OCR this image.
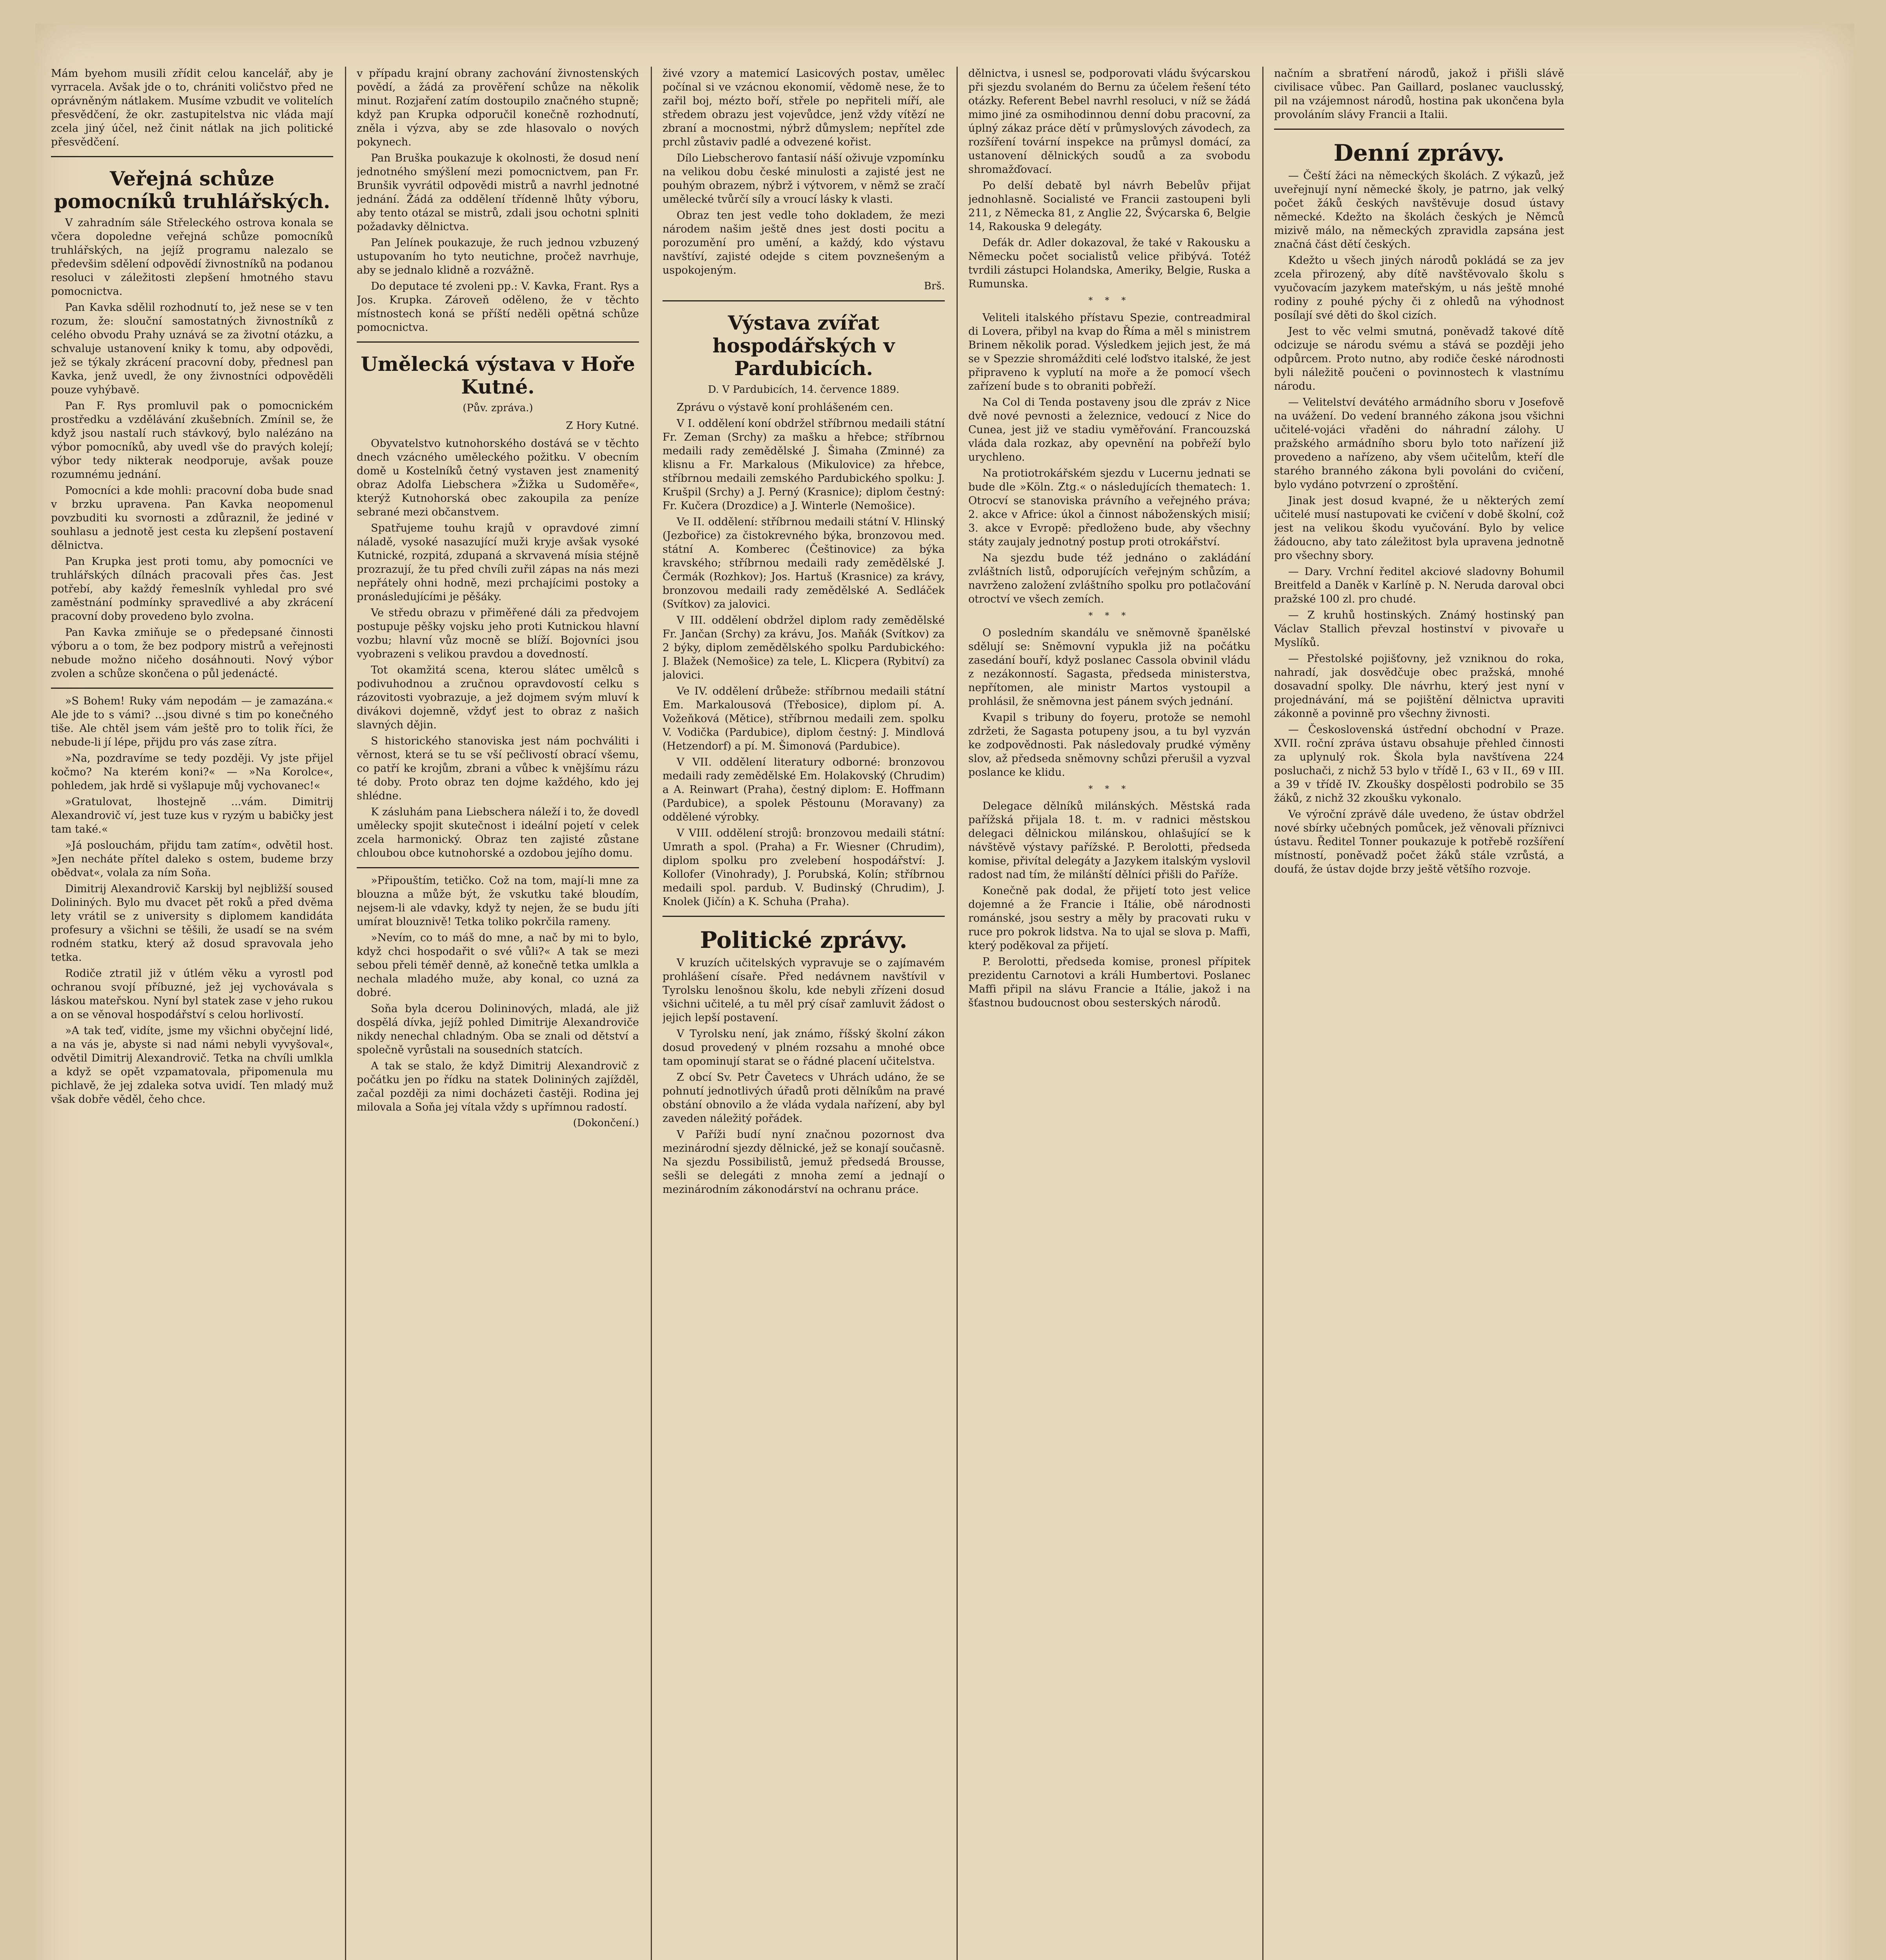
Mám byehom musili zřídit celou kancelář, aby je vyrracela. Avšak jde o to, chrániti voličstvo před ne oprávněným nátlakem. Musíme vzbudit ve volitelích přesvědčení, že okr. zastupitelstva nic vláda mají zcela jiný účel, než činit nátlak na jich politické přesvědčení.

Veřejná schůze pomocníků truhlářských.

V zahradním sále Střeleckého ostrova konala se včera dopoledne veřejná schůze pomocníků truhlářských, na jejíž programu nalezalo se předevšim sdělení odpovědí živnostníků na podanou resoluci v záležitosti zlepšení hmotného stavu pomocnictva.

Pan Kavka sdělil rozhodnutí to, jež nese se v ten rozum, že: slouční samostatných živnostníků z celého obvodu Prahy uznává se za životní otázku, a schvaluje ustanovení kniky k tomu, aby odpovědi, jež se týkaly zkrácení pracovní doby, přednesl pan Kavka, jenž uvedl, že ony živnostníci odpověděli pouze vyhýbavě.

Pan F. Rys promluvil pak o pomocnickém prostředku a vzdělávání zkušebních. Zmínil se, že když jsou nastalí ruch stávkový, bylo nalézáno na výbor pomocníků, aby uvedl vše do pravých kolejí; výbor tedy nikterak neodporuje, avšak pouze rozumnému jednání.

Pomocníci a kde mohli: pracovní doba bude snad v brzku upravena. Pan Kavka neopomenul povzbuditi ku svornosti a zdůraznil, že jediné v souhlasu a jednotě jest cesta ku zlepšení postavení dělnictva.

Pan Krupka jest proti tomu, aby pomocníci ve truhlářských dílnách pracovali přes čas. Jest potřebí, aby každý řemeslník vyhledal pro své zaměstnání podmínky spravedlivé a aby zkrácení pracovní doby provedeno bylo zvolna.

Pan Kavka zmiňuje se o předepsané činnosti výboru a o tom, že bez podpory mistrů a veřejnosti nebude možno ničeho dosáhnouti. Nový výbor zvolen a schůze skončena o půl jedenácté.

»S Bohem! Ruky vám nepodám — je zamazána.« Ale jde to s vámi? ...jsou divné s tim po konečného tiše. Ale chtěl jsem vám ještě pro to tolik říci, že nebude-li jí lépe, přijdu pro vás zase zítra.

»Na, pozdravíme se tedy později. Vy jste přijel kočmo? Na kterém koni?« — »Na Korolce«, pohledem, jak hrdě si vyšlapuje můj vychovanec!«

»Gratulovat, lhostejně ...vám. Dimitrij Alexandrovič ví, jest tuze kus v ryzým u babičky jest tam také.«

»Já poslouchám, přijdu tam zatím«, odvětil host. »Jen necháte přítel daleko s ostem, budeme brzy obědvat«, volala za ním Soňa.

Dimitrij Alexandrovič Karskij byl nejbližší soused Dolininých. Bylo mu dvacet pět roků a před dvěma lety vrátil se z university s diplomem kandidáta profesury a všichni se těšili, že usadí se na svém rodném statku, který až dosud spravovala jeho tetka.

Rodiče ztratil již v útlém věku a vyrostl pod ochranou svojí příbuzné, jež jej vychovávala s láskou mateřskou. Nyní byl statek zase v jeho rukou a on se věnoval hospodářství s celou horlivostí.

»A tak teď, vidíte, jsme my všichni obyčejní lidé, a na vás je, abyste si nad námi nebyli vyvyšoval«, odvětil Dimitrij Alexandrovič. Tetka na chvíli umlkla a když se opět vzpamatovala, připomenula mu pichlavě, že jej zdaleka sotva uvidí. Ten mladý muž však dobře věděl, čeho chce.

v případu krajní obrany zachování živnostenských povědí, a žádá za prověření schůze na několik minut. Rozjaření zatím dostoupilo značného stupně; když pan Krupka odporučil konečně rozhodnutí, zněla i výzva, aby se zde hlasovalo o nových pokynech.

Pan Bruška poukazuje k okolnosti, že dosud není jednotného smýšlení mezi pomocnictvem, pan Fr. Brunšik vyvrátil odpovědi mistrů a navrhl jednotné jednání. Žádá za oddělení třídenně lhůty výboru, aby tento otázal se mistrů, zdali jsou ochotni splniti požadavky dělnictva.

Pan Jelínek poukazuje, že ruch jednou vzbuzený ustupovaním ho tyto neutichne, pročež navrhuje, aby se jednalo klidně a rozvážně.

Do deputace té zvoleni pp.: V. Kavka, Frant. Rys a Jos. Krupka. Zároveň oděleno, že v těchto místnostech koná se příští neděli opětná schůze pomocnictva.

Umělecká výstava v Hoře Kutné.
(Pův. zpráva.)
Z Hory Kutné.

Obyvatelstvo kutnohorského dostává se v těchto dnech vzácného uměleckého požitku. V obecním domě u Kostelníků četný vystaven jest znamenitý obraz Adolfa Liebschera »Žižka u Sudoměře«, kterýž Kutnohorská obec zakoupila za peníze sebrané mezi občanstvem.

Spatřujeme touhu krajů v opravdové zimní náladě, vysoké nasazující muži kryje avšak vysoké Kutnické, rozpitá, zdupaná a skrvavená mísia stéjně prozrazují, že tu před chvíli zuřil zápas na nás mezi nepřátely ohni hodně, mezi prchajícimi postoky a pronásledujícími je pěšáky.

Ve středu obrazu v přiměřené dáli za předvojem postupuje pěšky vojsku jeho proti Kutnickou hlavní vozbu; hlavní vůz mocně se blíží. Bojovníci jsou vyobrazeni s velikou pravdou a dovedností.

Tot okamžitá scena, kterou slátec umělců s podivuhodnou a zručnou opravdovostí celku s rázovitosti vyobrazuje, a jež dojmem svým mluví k divákovi dojemně, vždyť jest to obraz z našich slavných dějin.

S historického stanoviska jest nám pochváliti i věrnost, která se tu se vší pečlivostí obrací všemu, co patří ke krojům, zbrani a vůbec k vnějšímu rázu té doby. Proto obraz ten dojme každého, kdo jej shlédne.

K zásluhám pana Liebschera náleží i to, že dovedl umělecky spojit skutečnost i ideální pojetí v celek zcela harmonický. Obraz ten zajisté zůstane chloubou obce kutnohorské a ozdobou jejího domu.

»Připouštím, tetičko. Což na tom, mají-li mne za blouzna a může být, že vskutku také bloudím, nejsem-li ale vdavky, když ty nejen, že se budu jíti umírat blouznivě! Tetka toliko pokrčila rameny.

»Nevím, co to máš do mne, a nač by mi to bylo, když chci hospodařit o své vůli?« A tak se mezi sebou přeli téměř denně, až konečně tetka umlkla a nechala mladého muže, aby konal, co uzná za dobré.

Soňa byla dcerou Dolininových, mladá, ale již dospělá dívka, jejíž pohled Dimitrije Alexandroviče nikdy nenechal chladným. Oba se znali od dětství a společně vyrůstali na sousedních statcích.

A tak se stalo, že když Dimitrij Alexandrovič z počátku jen po řídku na statek Dolininých zajížděl, začal později za nimi docházeti častěji. Rodina jej milovala a Soňa jej vítala vždy s upřímnou radostí.

(Dokončení.)

živé vzory a matemicí Lasicových postav, umělec počínal si ve vzácnou ekonomií, vědomě nese, že to zařil boj, mézto boří, střele po nepřiteli míří, ale středem obrazu jest vojevůdce, jenž vždy vítězí ne zbraní a mocnostmi, nýbrž důmyslem; nepřítel zde prchl zůstaviv padlé a odvezené kořist.

Dílo Liebscherovo fantasií náší oživuje vzpomínku na velikou dobu české minulosti a zajisté jest ne pouhým obrazem, nýbrž i výtvorem, v němž se zračí umělecké tvůrčí síly a vroucí lásky k vlasti.

Obraz ten jest vedle toho dokladem, že mezi národem našim ještě dnes jest dosti pocitu a porozumění pro umění, a každý, kdo výstavu navštíví, zajisté odejde s citem povznešeným a uspokojeným.

Brš.
Výstava zvířat hospodářských v Pardubicích.
D. V Pardubicích, 14. července 1889.

Zprávu o výstavě koní prohlášeném cen.

V I. oddělení koní obdržel stříbrnou medaili státní Fr. Zeman (Srchy) za mašku a hřebce; stříbrnou medaili rady zemědělské J. Šimaha (Zminné) za klisnu a Fr. Markalous (Mikulovice) za hřebce, stříbrnou medaili zemského Pardubického spolku: J. Krušpil (Srchy) a J. Perný (Krasnice); diplom čestný: Fr. Kučera (Drozdice) a J. Winterle (Nemošice).

Ve II. oddělení: stříbrnou medaili státní V. Hlinský (Jezbořice) za čistokrevného býka, bronzovou med. státní A. Komberec (Češtinovice) za býka kravského; stříbrnou medaili rady zemědělské J. Čermák (Rozhkov); Jos. Hartuš (Krasnice) za krávy, bronzovou medaili rady zemědělské A. Sedláček (Svítkov) za jalovici.

V III. oddělení obdržel diplom rady zemědělské Fr. Jančan (Srchy) za krávu, Jos. Maňák (Svítkov) za 2 býky, diplom zemědělského spolku Pardubického: J. Blažek (Nemošice) za tele, L. Klicpera (Rybitví) za jalovici.

Ve IV. oddělení drůbeže: stříbrnou medaili státní Em. Markalousová (Třebosice), diplom pí. A. Vožeňková (Mětice), stříbrnou medaili zem. spolku V. Vodička (Pardubice), diplom čestný: J. Mindlová (Hetzendorf) a pí. M. Šimonová (Pardubice).

V VII. oddělení literatury odborné: bronzovou medaili rady zemědělské Em. Holakovský (Chrudim) a A. Reinwart (Praha), čestný diplom: E. Hoffmann (Pardubice), a spolek Pěstounu (Moravany) za oddělené výrobky.

V VIII. oddělení strojů: bronzovou medaili státní: Umrath a spol. (Praha) a Fr. Wiesner (Chrudim), diplom spolku pro zvelebení hospodářství: J. Kollofer (Vinohrady), J. Porubská, Kolín; stříbrnou medaili spol. pardub. V. Budinský (Chrudim), J. Knolek (Jičín) a K. Schuha (Praha).

Politické zprávy.

V kruzích učitelských vypravuje se o zajímavém prohlášení císaře. Před nedávnem navštívil v Tyrolsku lenošnou školu, kde nebyli zřízeni dosud všichni učitelé, a tu měl prý císař zamluvit žádost o jejich lepší postavení.

V Tyrolsku není, jak známo, říšský školní zákon dosud provedený v plném rozsahu a mnohé obce tam opominují starat se o řádné placení učitelstva.

Z obcí Sv. Petr Čavetecs v Uhrách udáno, že se pohnutí jednotlivých úřadů proti dělníkům na pravé obstání obnovilo a že vláda vydala nařízení, aby byl zaveden náležitý pořádek.

V Paříži budí nyní značnou pozornost dva mezinárodní sjezdy dělnické, jež se konají současně. Na sjezdu Possibilistů, jemuž předsedá Brousse, sešli se delegáti z mnoha zemí a jednají o mezinárodním zákonodárství na ochranu práce.

dělnictva, i usnesl se, podporovati vládu švýcarskou při sjezdu svolaném do Bernu za účelem řešení této otázky. Referent Bebel navrhl resoluci, v níž se žádá mimo jiné za osmihodinnou denní dobu pracovní, za úplný zákaz práce dětí v průmyslových závodech, za rozšíření tovární inspekce na průmysl domácí, za ustanovení dělnických soudů a za svobodu shromažďovací.

Po delší debatě byl návrh Bebelův přijat jednohlasně. Socialisté ve Francii zastoupeni byli 211, z Německa 81, z Anglie 22, Švýcarska 6, Belgie 14, Rakouska 9 delegáty.

Defák dr. Adler dokazoval, že také v Rakousku a Německu počet socialistů velice přibývá. Totéž tvrdili zástupci Holandska, Ameriky, Belgie, Ruska a Rumunska.

* * *

Veliteli italského přístavu Spezie, contreadmiral di Lovera, přibyl na kvap do Říma a měl s ministrem Brinem několik porad. Výsledkem jejich jest, že má se v Spezzie shromážditi celé loďstvo italské, že jest připraveno k vyplutí na moře a že pomocí všech zařízení bude s to obraniti pobřeží.

Na Col di Tenda postaveny jsou dle zpráv z Nice dvě nové pevnosti a železnice, vedoucí z Nice do Cunea, jest již ve stadiu vyměřování. Francouzská vláda dala rozkaz, aby opevnění na pobřeží bylo urychleno.

Na protiotrokářském sjezdu v Lucernu jednati se bude dle »Köln. Ztg.« o následujících thematech: 1. Otrocví se stanoviska právního a veřejného práva; 2. akce v Africe: úkol a činnost náboženských misií; 3. akce v Evropě: předloženo bude, aby všechny státy zaujaly jednotný postup proti otrokářství.

Na sjezdu bude též jednáno o zakládání zvláštních listů, odporujících veřejným schůzím, a navrženo založení zvláštního spolku pro potlačování otroctví ve všech zemích.

* * *

O posledním skandálu ve sněmovně španělské sdělují se: Sněmovní vypukla již na počátku zasedání bouří, když poslanec Cassola obvinil vládu z nezákonností. Sagasta, předseda ministerstva, nepřítomen, ale ministr Martos vystoupil a prohlásil, že sněmovna jest pánem svých jednání.

Kvapil s tribuny do foyeru, protože se nemohl zdržeti, že Sagasta potupeny jsou, a tu byl vyzván ke zodpovědnosti. Pak následovaly prudké výměny slov, až předseda sněmovny schůzi přerušil a vyzval poslance ke klidu.

* * *

Delegace dělníků milánských. Městská rada pařížská přijala 18. t. m. v radnici městskou delegaci dělnickou milánskou, ohlašující se k návštěvě výstavy pařížské. P. Berolotti, předseda komise, přivítal delegáty a Jazykem italským vyslovil radost nad tím, že milánští dělníci přišli do Paříže.

Konečně pak dodal, že přijetí toto jest velice dojemné a že Francie i Itálie, obě národnosti románské, jsou sestry a měly by pracovati ruku v ruce pro pokrok lidstva. Na to ujal se slova p. Maffi, který poděkoval za přijetí.

P. Berolotti, předseda komise, pronesl přípitek prezidentu Carnotovi a králi Humbertovi. Poslanec Maffi připil na slávu Francie a Itálie, jakož i na šťastnou budoucnost obou sesterských národů.

načním a sbratření národů, jakož i přišli slávě civilisace vůbec. Pan Gaillard, poslanec vauclusský, pil na vzájemnost národů, hostina pak ukončena byla provoláním slávy Francii a Italii.

Denní zprávy.

— Čeští žáci na německých školách. Z výkazů, jež uveřejnují nyní německé školy, je patrno, jak velký počet žáků českých navštěvuje dosud ústavy německé. Kdežto na školách českých je Němců mizivě málo, na německých zpravidla zapsána jest značná část dětí českých.

Kdežto u všech jiných národů pokládá se za jev zcela přirozený, aby dítě navštěvovalo školu s vyučovacím jazykem mateřským, u nás ještě mnohé rodiny z pouhé pýchy či z ohledů na výhodnost posílají své děti do škol cizích.

Jest to věc velmi smutná, poněvadž takové dítě odcizuje se národu svému a stává se později jeho odpůrcem. Proto nutno, aby rodiče české národnosti byli náležitě poučeni o povinnostech k vlastnímu národu.

— Velitelství devátého armádního sboru v Josefově na uvážení. Do vedení branného zákona jsou všichni učitelé-vojáci vřaděni do náhradní zálohy. U pražského armádního sboru bylo toto nařízení již provedeno a nařízeno, aby všem učitelům, kteří dle starého branného zákona byli povoláni do cvičení, bylo vydáno potvrzení o zproštění.

Jinak jest dosud kvapné, že u některých zemí učitelé musí nastupovati ke cvičení v době školní, což jest na velikou škodu vyučování. Bylo by velice žádoucno, aby tato záležitost byla upravena jednotně pro všechny sbory.

— Dary. Vrchní ředitel akciové sladovny Bohumil Breitfeld a Daněk v Karlíně p. N. Neruda daroval obci pražské 100 zl. pro chudé.

— Z kruhů hostinských. Známý hostinský pan Václav Stallich převzal hostinství v pivovaře u Myslíků.

— Přestolské pojišťovny, jež vzniknou do roka, nahradí, jak dosvědčuje obec pražská, mnohé dosavadní spolky. Dle návrhu, který jest nyní v projednávání, má se pojištění dělnictva upraviti zákonně a povinně pro všechny živnosti.

— Československá ústřední obchodní v Praze. XVII. roční zpráva ústavu obsahuje přehled činnosti za uplynulý rok. Škola byla navštívena 224 posluchači, z nichž 53 bylo v třídě I., 63 v II., 69 v III. a 39 v třídě IV. Zkoušky dospělosti podrobilo se 35 žáků, z nichž 32 zkoušku vykonalo.

Ve výroční zprávě dále uvedeno, že ústav obdržel nové sbírky učebných pomůcek, jež věnovali příznivci ústavu. Ředitel Tonner poukazuje k potřebě rozšíření místností, poněvadž počet žáků stále vzrůstá, a doufá, že ústav dojde brzy ještě většího rozvoje.
